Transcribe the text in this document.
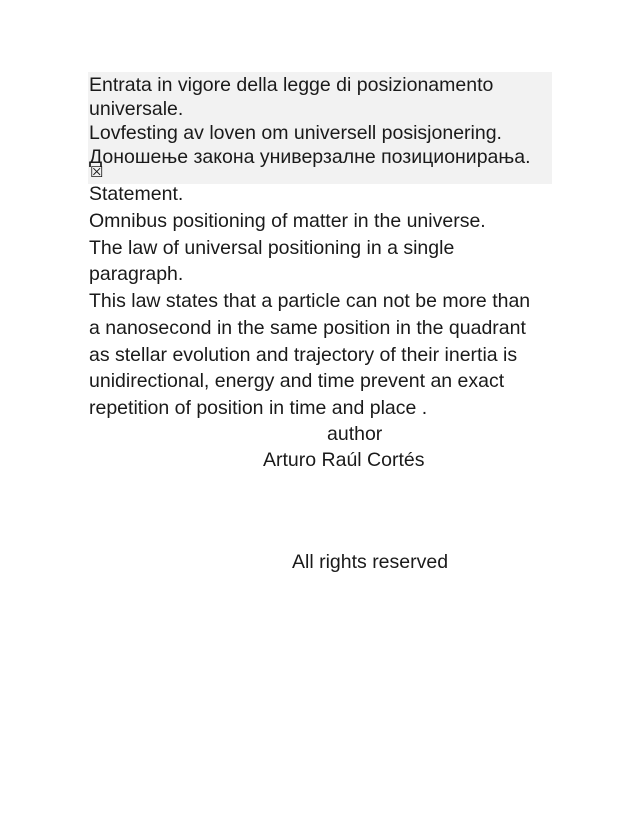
Entrata in vigore della legge di posizionamento
universale.
Lovfesting av loven om universell posisjonering.
Доношење закона универзалне позиционирања.
☒
Statement.
Omnibus positioning of matter in the universe.
The law of universal positioning in a single
paragraph.
This law states that a particle can not be more than
a nanosecond in the same position in the quadrant
as stellar evolution and trajectory of their inertia is
unidirectional, energy and time prevent an exact
repetition of position in time and place .
author
Arturo Raúl Cortés
All rights reserved
